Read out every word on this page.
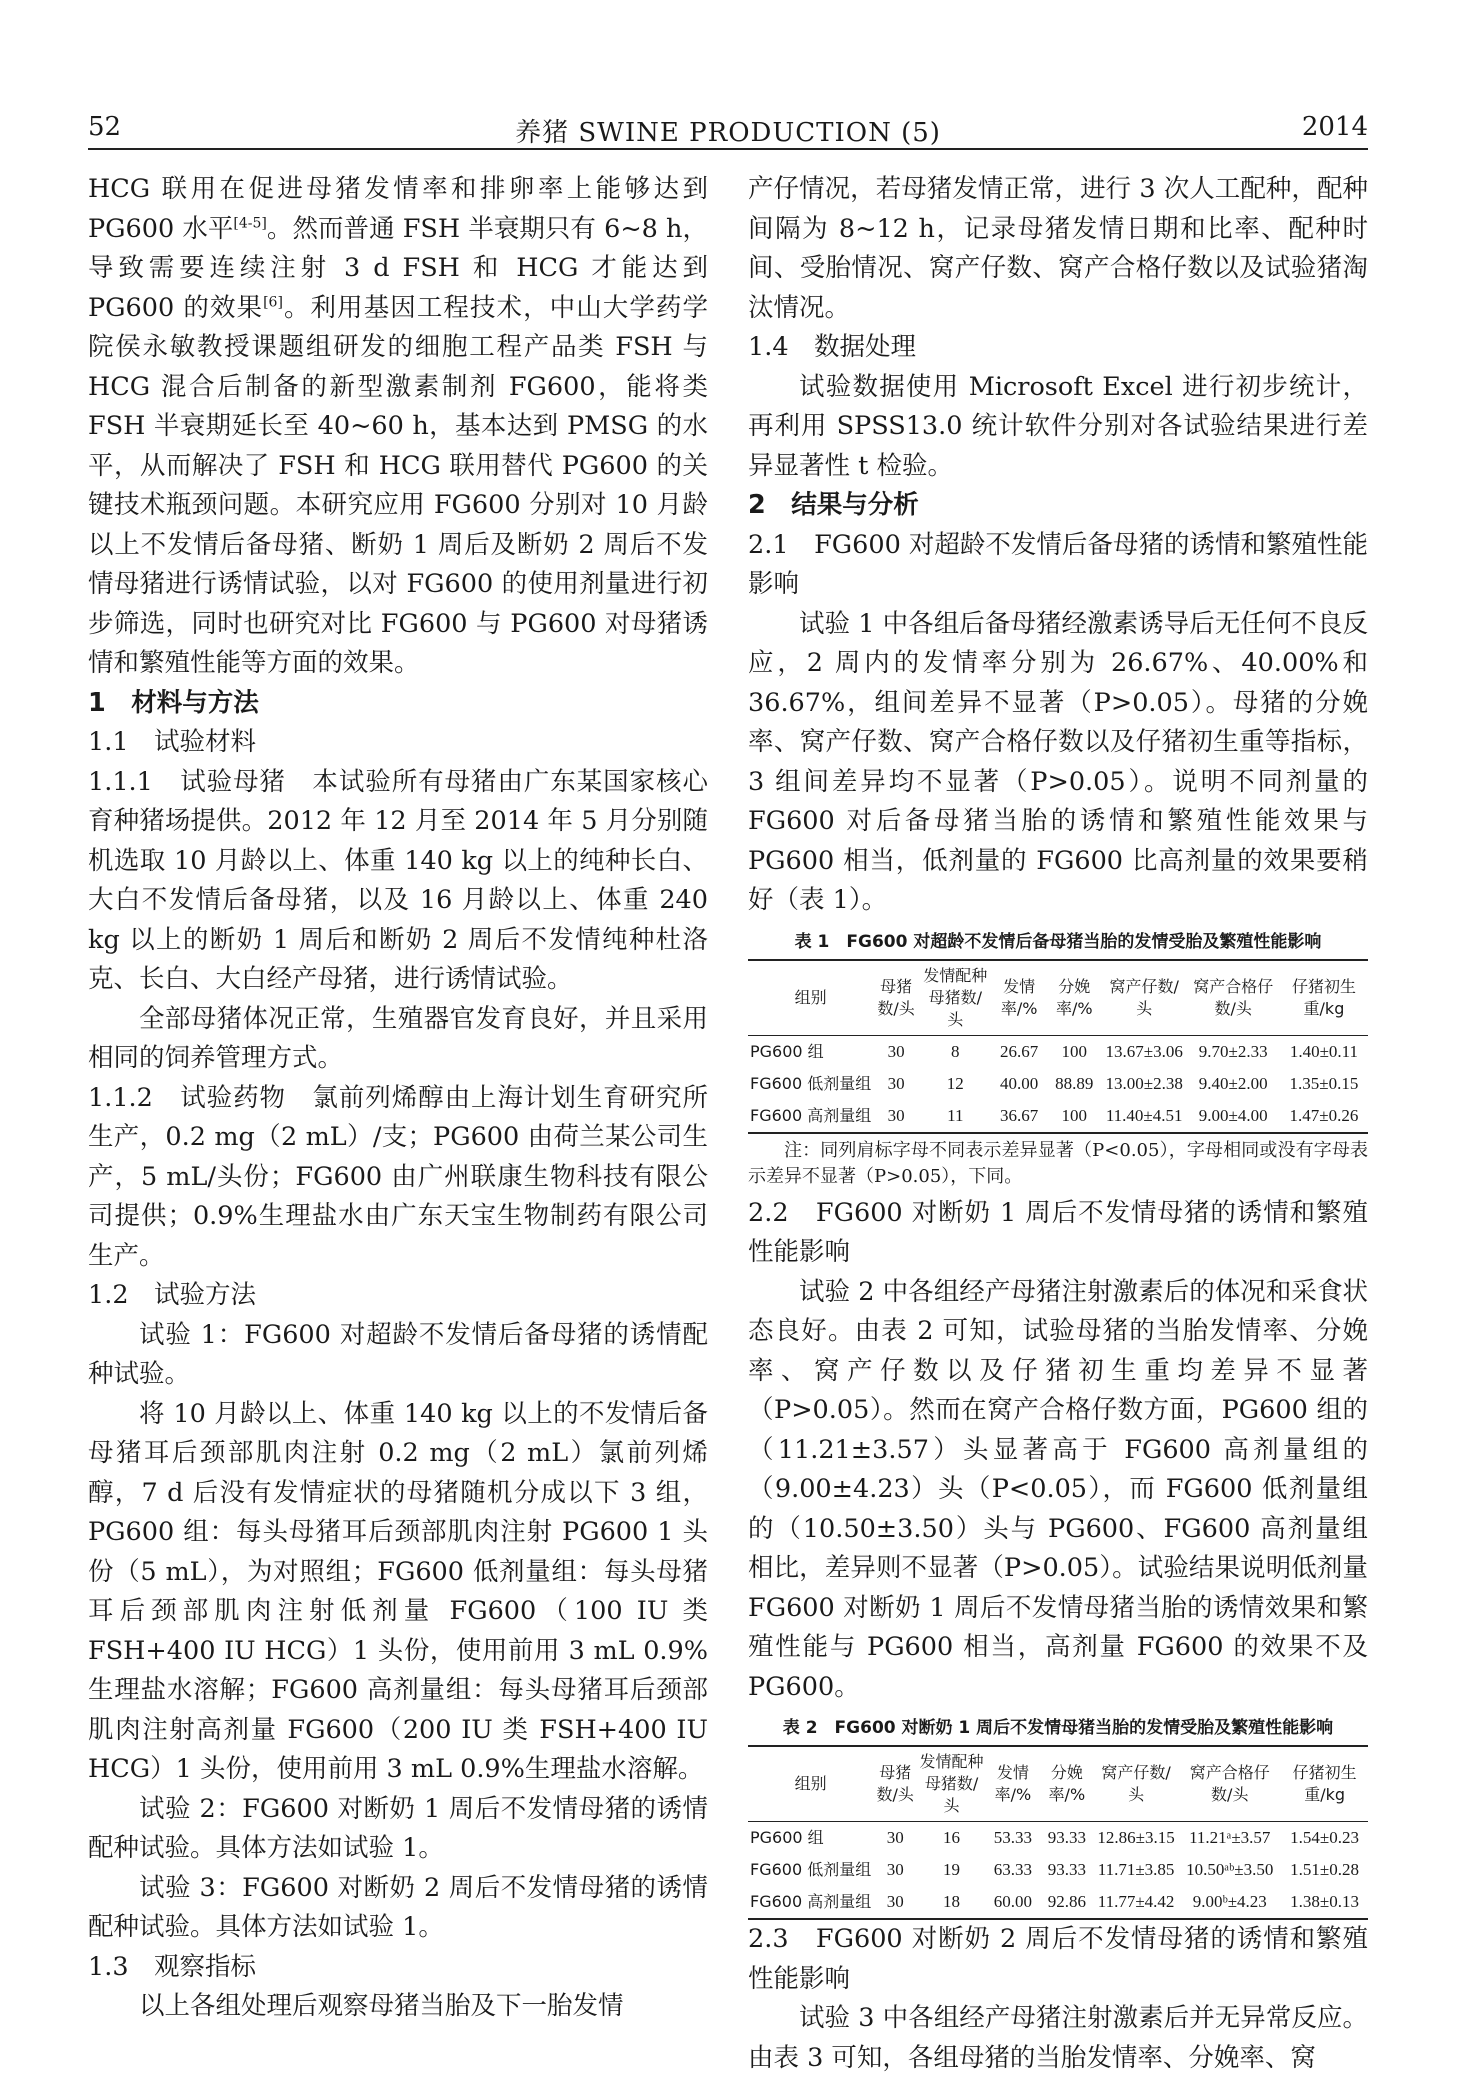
52	养猪 SWINE PRODUCTION (5)	2014

HCG 联用在促进母猪发情率和排卵率上能够达到 PG600 水平[4-5]。然而普通 FSH 半衰期只有 6~8 h，导致需要连续注射 3 d FSH 和 HCG 才能达到 PG600 的效果[6]。利用基因工程技术，中山大学药学院侯永敏教授课题组研发的细胞工程产品类 FSH 与 HCG 混合后制备的新型激素制剂 FG600，能将类 FSH 半衰期延长至 40~60 h，基本达到 PMSG 的水平，从而解决了 FSH 和 HCG 联用替代 PG600 的关键技术瓶颈问题。本研究应用 FG600 分别对 10 月龄以上不发情后备母猪、断奶 1 周后及断奶 2 周后不发情母猪进行诱情试验，以对 FG600 的使用剂量进行初步筛选，同时也研究对比 FG600 与 PG600 对母猪诱情和繁殖性能等方面的效果。

1　材料与方法

1.1　试验材料

1.1.1　试验母猪　 本试验所有母猪由广东某国家核心育种猪场提供。2012 年 12 月至 2014 年 5 月分别随机选取 10 月龄以上、体重 140 kg 以上的纯种长白、大白不发情后备母猪，以及 16 月龄以上、体重 240 kg 以上的断奶 1 周后和断奶 2 周后不发情纯种杜洛克、长白、大白经产母猪，进行诱情试验。

全部母猪体况正常，生殖器官发育良好，并且采用相同的饲养管理方式。

1.1.2　试验药物　 氯前列烯醇由上海计划生育研究所生产，0.2 mg（2 mL）/支；PG600 由荷兰某公司生产，5 mL/头份；FG600 由广州联康生物科技有限公司提供；0.9%生理盐水由广东天宝生物制药有限公司生产。

1.2　试验方法

试验 1：FG600 对超龄不发情后备母猪的诱情配种试验。

将 10 月龄以上、体重 140 kg 以上的不发情后备母猪耳后颈部肌肉注射 0.2 mg（2 mL）氯前列烯醇，7 d 后没有发情症状的母猪随机分成以下 3 组，PG600 组：每头母猪耳后颈部肌肉注射 PG600 1 头份（5 mL），为对照组；FG600 低剂量组：每头母猪耳后颈部肌肉注射低剂量 FG600（100 IU 类 FSH+400 IU HCG）1 头份，使用前用 3 mL 0.9%生理盐水溶解；FG600 高剂量组：每头母猪耳后颈部肌肉注射高剂量 FG600（200 IU 类 FSH+400 IU HCG）1 头份，使用前用 3 mL 0.9%生理盐水溶解。

试验 2：FG600 对断奶 1 周后不发情母猪的诱情配种试验。具体方法如试验 1。

试验 3：FG600 对断奶 2 周后不发情母猪的诱情配种试验。具体方法如试验 1。

1.3　观察指标

以上各组处理后观察母猪当胎及下一胎发情

产仔情况，若母猪发情正常，进行 3 次人工配种，配种间隔为 8~12 h，记录母猪发情日期和比率、配种时间、受胎情况、窝产仔数、窝产合格仔数以及试验猪淘汰情况。

1.4　数据处理

试验数据使用 Microsoft Excel 进行初步统计，再利用 SPSS13.0 统计软件分别对各试验结果进行差异显著性 t 检验。

2　结果与分析

2.1　FG600 对超龄不发情后备母猪的诱情和繁殖性能影响

试验 1 中各组后备母猪经激素诱导后无任何不良反应，2 周内的发情率分别为 26.67%、40.00%和 36.67%，组间差异不显著（P>0.05）。母猪的分娩率、窝产仔数、窝产合格仔数以及仔猪初生重等指标，3 组间差异均不显著（P>0.05）。说明不同剂量的 FG600 对后备母猪当胎的诱情和繁殖性能效果与 PG600 相当，低剂量的 FG600 比高剂量的效果要稍好（表 1）。

表 1　FG600 对超龄不发情后备母猪当胎的发情受胎及繁殖性能影响
组别	母猪数/头	发情配种母猪数/头	发情率/%	分娩率/%	窝产仔数/头	窝产合格仔数/头	仔猪初生重/kg
PG600 组	30	8	26.67	100	13.67±3.06	9.70±2.33	1.40±0.11
FG600 低剂量组	30	12	40.00	88.89	13.00±2.38	9.40±2.00	1.35±0.15
FG600 高剂量组	30	11	36.67	100	11.40±4.51	9.00±4.00	1.47±0.26

注：同列肩标字母不同表示差异显著（P<0.05），字母相同或没有字母表示差异不显著（P>0.05），下同。

2.2　FG600 对断奶 1 周后不发情母猪的诱情和繁殖性能影响

试验 2 中各组经产母猪注射激素后的体况和采食状态良好。由表 2 可知，试验母猪的当胎发情率、分娩率、窝产仔数以及仔猪初生重均差异不显著（P>0.05）。然而在窝产合格仔数方面，PG600 组的（11.21±3.57）头显著高于 FG600 高剂量组的（9.00±4.23）头（P<0.05），而 FG600 低剂量组的（10.50±3.50）头与 PG600、FG600 高剂量组相比，差异则不显著（P>0.05）。试验结果说明低剂量 FG600 对断奶 1 周后不发情母猪当胎的诱情效果和繁殖性能与 PG600 相当，高剂量 FG600 的效果不及 PG600。

表 2　FG600 对断奶 1 周后不发情母猪当胎的发情受胎及繁殖性能影响
组别	母猪数/头	发情配种母猪数/头	发情率/%	分娩率/%	窝产仔数/头	窝产合格仔数/头	仔猪初生重/kg
PG600 组	30	16	53.33	93.33	12.86±3.15	11.21ᵃ±3.57	1.54±0.23
FG600 低剂量组	30	19	63.33	93.33	11.71±3.85	10.50ᵃᵇ±3.50	1.51±0.28
FG600 高剂量组	30	18	60.00	92.86	11.77±4.42	9.00ᵇ±4.23	1.38±0.13

2.3　FG600 对断奶 2 周后不发情母猪的诱情和繁殖性能影响

试验 3 中各组经产母猪注射激素后并无异常反应。由表 3 可知，各组母猪的当胎发情率、分娩率、窝
